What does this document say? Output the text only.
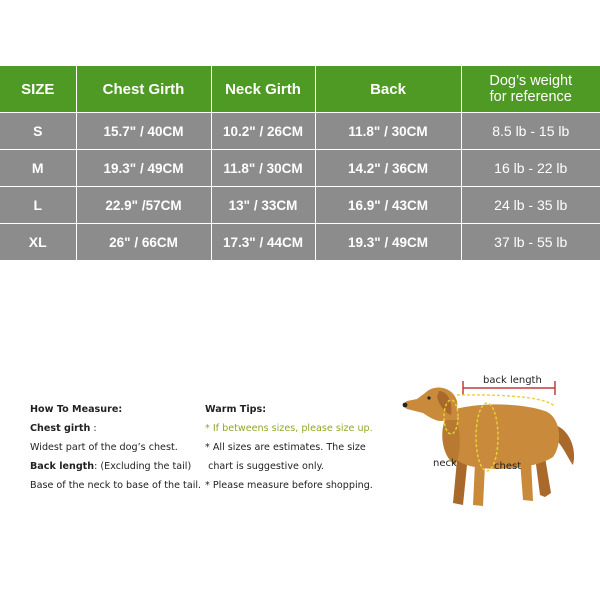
SIZE	Chest Girth	Neck Girth	Back	Dog’s weight
for reference

S	15.7" / 40CM	10.2" / 26CM	11.8" / 30CM	8.5 lb - 15 lb
M	19.3" / 49CM	11.8" / 30CM	14.2" / 36CM	16 lb - 22 lb
L	22.9" /57CM	13" / 33CM	16.9" / 43CM	24 lb - 35 lb
XL	26" / 66CM	17.3" / 44CM	19.3" / 49CM	37 lb - 55 lb
How To Measure:
Chest girth :
Widest part of the dog’s chest.
Back length: (Excluding the tail)
Base of the neck to base of the tail.
Warm Tips:
* If betweens sizes, please size up.
* All sizes are estimates. The size
chart is suggestive only.
* Please measure before shopping.
back length
neck	chest
